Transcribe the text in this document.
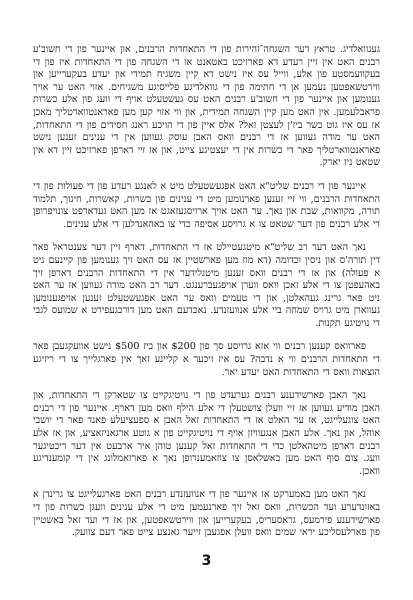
גענוואלדיג. טראץ דער השגחה־זהירות פון די התאחדות הרבנים, און איינער פון די חשוב'ע רבנים האט אין זיין רעדע דא פארזיכט באטאנט אז די השגחה פון די התאחדות איז פון די בעקוועמסטע פון אלע, ווייל עס איז נישט דא קיין משגיח תמידי און יעדע בעקערייען און ווירטשאפטען נעמען אן די חתימה פון די גוואלדיגע פלייסיגע משגיחים. אזוי האט ער אויך גענומען און איינער פון די חשוב'ע רבנים האט עס געשטעלט אויף די וועג פון אלע כשרות פראבלעמען. אין האט מען קיין השגחה תמידית, און ווי אזוי קען מען פאראנטווארטליך מאכן אז עס איז גוט כשר ביז'ן לעצטן זאל? אלס איין פון די הויכע ראנג חסידים פון די התאחדות, האט ער מודה געווען אז די רבנים וואס האבן עוסק געווען אין די ענינים זענען נישט פאראנטווארטליך פאר די כשרות אין די יעצטיגע צייט, און אז זיי דארפן פארזיכט זיין דא אין שטאט ניו יארק.

איינער פון די רבנים שליט"א האט אפגעשטעלט מיט א לאנגע רעדע פון די פעולות פון די התאחדות הרבנים, ווי זיי זענען פארנומען מיט די ענינים פון כשרות, קאשרות, חינוך, תלמוד תורה, מקוואות, שבת און נאך. ער האט אויך ארויסגעזאגט אז מען האט געדארפט צונויפרופן די אלע רבנים פון דער שטאט צו א גרויסע אסיפה כדי צו באהאנדלען די אלע ענינים.

נאך האט דער רב שליט"א מיטגעטיילט אז די התאחדות, דארף זיין דער צענטראל פאר דין תורה'ס און ניסין וכדומה (דא מוז מען פארשטיין אז עס האט זיך גענומען פון קיינעם ניט א פעולה) און אז די רבנים וואס זענען מיטגלידער אין די התאחדות הרבנים דארפן זיך באהעפטן צו די אלע זאכן וואס ווערן אויפגעברענגט. דער רב האט מודה געווען אז ער האט ניט פאר גרינג געהאלטן, און די טעמים וואס ער האט אפגעשטעלט זענען אויפגענומען געווארן מיט גרויס שמחה ביי אלע אנוועזנדע. נאכדעם האט מען דורכגעפירט א שמועס לגבי די נויטיגע תקנות.

פארוואס קענען רבנים ווי אזא גרויסע סך פון $200 און ביז $500 נישט אוועקגעבן פאר די התאחדות הרבנים ווי א נדבה? עס איז זיכער א קליינע זאך אין פארגלייך צו די ריזיגע הוצאות וואס די התאחדות האט יעדע יאר.

נאך האבן פארשידענע רבנים גערעדט פון די נויטיגקייט צו שטארקן די התאחדות, און האבן מודיע געווען אז זיי וועלן צושטעלן די אלע הילף וואס מען דארף. איינער פון די רבנים האט צוגעלייגט, אז ער האלט אז די התאחדות זאל האבן א ספעציעלע פאנד פאר די יושבי אוהל, און נאך. אלע האבן אנגעוויזן אויף די נויטיגקייט פון א גוטע ארגאניזאציע, און אז אלע רבנים דארפן מיטהאלטן כדי די התאחדות זאל קענען טוהן איר ארבעט אין דער ריכטיגער וועג. צום סוף האט מען באשלאסן צו צוזאמענרופן נאך א פארזאמלונג אין די קומענדיגע וואכן.

נאך האט מען באמערקט אז איינער פון די אנוועזנדע רבנים האט פארגעלייגט צו גרינדן א באזונדערע ועד הכשרות, וואס זאל זיך פארנעמען מיט די אלע ענינים וועגן כשרות פון די פארשידענע פירמעס, גראסעריס, בעקערייען און ווירטשאפטען, און אז די ועד זאל באשטיין פון פארלעסליכע יראי שמים וואס וועלן אפגעבן זייער גאנצע צייט פאר דעם צוועק.

3
